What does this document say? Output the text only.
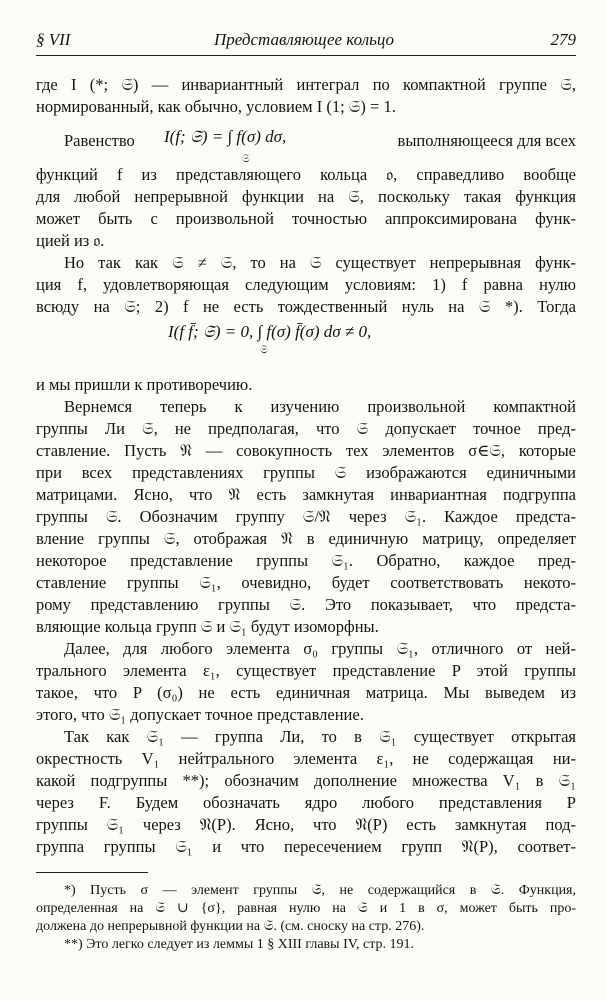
§ VII	Представляющее кольцо	279
где I (*; 𝔖) — инвариантный интеграл по компактной группе 𝔖,
нормированный, как обычно, условием I (1; 𝔖) = 1.
Равенство I(f; 𝔖) = ∫ f(σ) dσ,
𝔖
выполняющееся для всех
функций f из представляющего кольца 𝔬, справедливо вообще
для любой непрерывной функции на 𝔖, поскольку такая функция
может быть с произвольной точностью аппроксимирована функ-
цией из 𝔬.
Но так как 𝔖 ≠ 𝔖, то на 𝔖 существует непрерывная функ-
ция f, удовлетворяющая следующим условиям: 1) f равна нулю
всюду на 𝔖; 2) f не есть тождественный нуль на 𝔖 *). Тогда
I(f f̄; 𝔖) = 0, ∫ f(σ) f̄(σ) dσ ≠ 0,
𝔖
и мы пришли к противоречию.
Вернемся теперь к изучению произвольной компактной
группы Ли 𝔖, не предполагая, что 𝔖 допускает точное пред-
ставление. Пусть 𝔑 — совокупность тех элементов σ∈𝔖, которые
при всех представлениях группы 𝔖 изображаются единичными
матрицами. Ясно, что 𝔑 есть замкнутая инвариантная подгруппа
группы 𝔖. Обозначим группу 𝔖/𝔑 через 𝔖₁. Каждое предста-
вление группы 𝔖, отображая 𝔑 в единичную матрицу, определяет
некоторое представление группы 𝔖₁. Обратно, каждое пред-
ставление группы 𝔖₁, очевидно, будет соответствовать некото-
рому представлению группы 𝔖. Это показывает, что предста-
вляющие кольца групп 𝔖 и 𝔖₁ будут изоморфны.
Далее, для любого элемента σ₀ группы 𝔖₁, отличного от ней-
трального элемента ε₁, существует представление P этой группы
такое, что P (σ₀) не есть единичная матрица. Мы выведем из
этого, что 𝔖₁ допускает точное представление.
Так как 𝔖₁ — группа Ли, то в 𝔖₁ существует открытая
окрестность V₁ нейтрального элемента ε₁, не содержащая ни-
какой подгруппы **); обозначим дополнение множества V₁ в 𝔖₁
через F. Будем обозначать ядро любого представления P
группы 𝔖₁ через 𝔑(P). Ясно, что 𝔑(P) есть замкнутая под-
группа группы 𝔖₁ и что пересечением групп 𝔑(P), соответ-
*) Пусть σ — элемент группы 𝔖, не содержащийся в 𝔖. Функция,
определенная на 𝔖 ∪ {σ}, равная нулю на 𝔖 и 1 в σ, может быть про-
должена до непрерывной функции на 𝔖. (см. сноску на стр. 276).
**) Это легко следует из леммы 1 § XIII главы IV, стр. 191.
